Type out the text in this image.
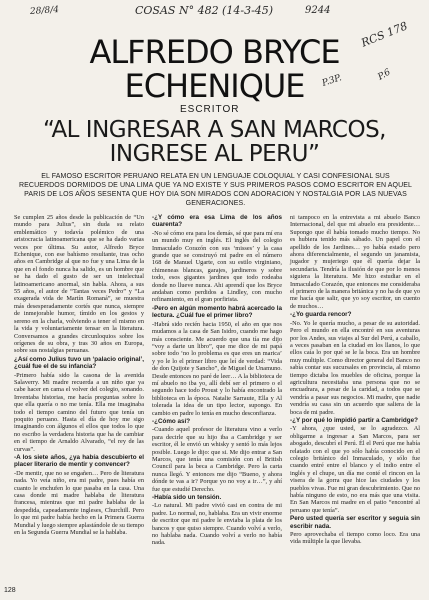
28/8/4	COSAS N° 482 (14-3-45)	9244
RCS 178
P.3P.	P.6
ALFREDO BRYCE
ECHENIQUE
ESCRITOR
“AL INGRESAR A SAN MARCOS,
INGRESE AL PERU”
EL FAMOSO ESCRITOR PERUANO RELATA EN UN LENGUAJE COLOQUIAL Y CASI CONFESIONAL SUS RECUERDOS DORMIDOS DE UNA LIMA QUE YA NO EXISTE Y SUS PRIMEROS PASOS COMO ESCRITOR EN AQUEL PARIS DE LOS AÑOS SESENTA QUE HOY DIA SON MIRADOS CON ADORACION Y NOSTALGIA POR LAS NUEVAS GENERACIONES.

Se cumplen 25 años desde la publicación de “Un mundo para Julius”, sin duda su relato emblemático y todavía polémico de una aristocracia latinoamericana que se ha dado varias veces por última. Su autor, Alfredo Bryce Echenique, con ese bahísmo resultante, tras ocho años en Cambridge al que no fue y una Lima de la que en el fondo nunca ha salido, es un hombre que se ha dado el gusto de ser un intelectual latinoamericano anormal, sin habla. Ahora, a sus 55 años, el autor de “Tantas veces Pedro” y “La exagerada vida de Martín Romaná”, se muestra más desesperadamente cortés que nunca, siempre de inmejorable humor, tímido en los gestos y sereno en la charla, volviendo a tener el mismo en la vida y voluntariamente tensar en la literatura. Conversamos a grandes circunloquios sobre los orígenes de su obra, y tras 30 años en Europa, sobre sus nostalgias peruanas.

¿Así como Julius tuvo un ‘palacio original’, ¿cuál fue el de su infancia?

-Primero había sido la casona de la avenida Salaverry. Mi madre recuerda a un niño que ya cabe hacer en cama el volver del colegio, sonando. Inventaba historias, me hacía preguntas sobre lo que ella quería o no me tenía. Ella me imaginaba todo el tiempo camino del futuro que tenía un poquito peruano. Hasta el día de hoy me sigo imaginando con álgunos el ellos que todos lo que no escribo la verdadera historia que ha de cambiar en el tiempo de Arnaldo Alvarado, “el rey de las curvas”.

-A los siete años, ¿ya había descubierto el placer literario de mentir y convencer?

-De mentir, que no se engañen… Pero de literatura nada. Yo veía niño, era mi padre, pues había en cuanto le enchufen lo que pasaba en la casa. Una casa donde mi madre hablaba de literatura francesa, mientras que mi padre hablaba de la despedida, capeadamente ingleses, Churchill. Pero lo que mi padre había hecho en la Primera Guerra Mundial y luego siempre aplastándole de su tiempo en la Segunda Guerra Mundial se la hablaba.

-¿Y cómo era esa Lima de los años cuarenta?

-No sé cómo era para los demás, sé que para mí era un mundo muy en inglés. El inglés del colegio Inmaculado Corazón con sus ‘misses’ y la casa grande que se construyó mi padre en el número 168 de Manuel Ugarte, con su estilo virginiano, chimeneas blancas, garajes, jardineros y sobre todo, esos gigantes jardines que todo rodeaba donde no llueve nunca. Ahi aprendí que los Bryce andaban como perdidos a Lindley, con mucho refinamiento, en el gran porfirista.

-Pero en algún momento habrá acercado la lectura. ¿Cuál fue el primer libro?

-Habrá sido recién hacia 1950, el año en que nos mudamos a la casa de San Isidro, cuando me hago más consciente. Me acuerdo que una tía me dijo “voy a darte un libro”, que me dice de mi papá sobre todo ‘no lo problema es que eres un marica’ y yo le lo el primer libro que leí de verdad: “Vida de don Quijote y Sancho”, de Miguel de Unamuno. Desde entonces no paré de leer… A la biblioteca de mí abuelo no iba yo, allí debí ser el primero o el segundo hace todo Proust y lo había encontrado la biblioteca en la época. Natalie Sarraute, Ella y Al tolerada la idea de un tipo lector, supongo. En cambio en padre lo tenía en mucho desconfianza.

-¿Cómo así?

-Cuando aquel profesor de literatura vino a verlo para decirle que su hijo iba a Cambridge y ser escritor, él le envió un whisky y sentó lo más lejos posible. Luego le dijo: que si. Me dijo entrar a San Marcos, que tenía una comisión con el British Council para la beca a Cambridge. Pero la carta nunca llegó. Y entonces me dijo “Bueno, y ahora dónde te vas a ir? Porque yo no voy a ir…”, y ahí fue que estudié Derecho.

-Había sido un tensión.

-Lo natural. Mi padre vivió casi en contra de mi padre. Lo normal, no, hablaba. Era un vivir enorme de escritor que mi padre le enviaba la plata de los bancos y que quiso siempre. Cuando volví a verlo, no hablaba nada. Cuando volví a verlo no había nada.

ni tampoco en la entrevista a mi abuelo Banco Internacional, del que mi abuelo era presidente… Supongo que él había tomado mucho tiempo. No es hubiera tenido más sábado. Un papel con el apellido de los Jardines… yo había estado pero ahora diferencialmente, el segundo un janamista, jugador y mujeriego que él quería dejar la secundaria. Tendría la ilusión de que por lo menos siguiera la literatura. Me hizo estudiar en el Inmaculado Corazón, que entonces me consideraba el primero de la manera británica y no ha de que yo me hacía que salir, que yo soy escritor, un cuento de muchos…

-¿Yo guarda rencor?

-No. Yo le quería mucho, a pesar de su autoridad. Pero el mundo en ella encontré en sus aventuras por los Andes, sus viajes al Sur del Perú, a caballo, a veces pasaban en la ciudad en los llanos, lo que ellos caía lo por qué se le la boca. Era un hombre muy multiple. Como director general del Banco no sabía contar sus sucursales en provincia, al mismo tiempo dictaba los muebles de oficina, porque la agricultura necesitaba una persona que no se encuadrara, a pesar de la caridad, a todos que se vendría a pasar sus negocios. Mi madre, que nadie vendría su casa sin un acuerdo que saliera de la boca de mi padre.

-¿Y por qué lo impidió partir a Cambridge?

-Y ahora, ¿que usted, se lo agradezco. Al obligarme a ingresar a San Marcos, para ser abogado, descubrí el Perú. Él el Perú que me había relatado con el que yo sólo había conocido en el colegio británico del Inmaculado, y sólo fue cuando entré entre el blanco y el indio entre el inglés y el chupe, un día me conté el rincon en la visera de la gorra que hice las ciudades y los pueblos vivas. Fue mi gran descubrimiento. Que no había ninguno de esto, no era más que una visita. En San Marcos mi madre en el patio “encontré al peruano que tenía”.

Pero usted quería ser escritor y seguía sin escribir nada.

Pero aprovechaba el tiempo como loco. Era una vida múltiple la que llevaba.

128
